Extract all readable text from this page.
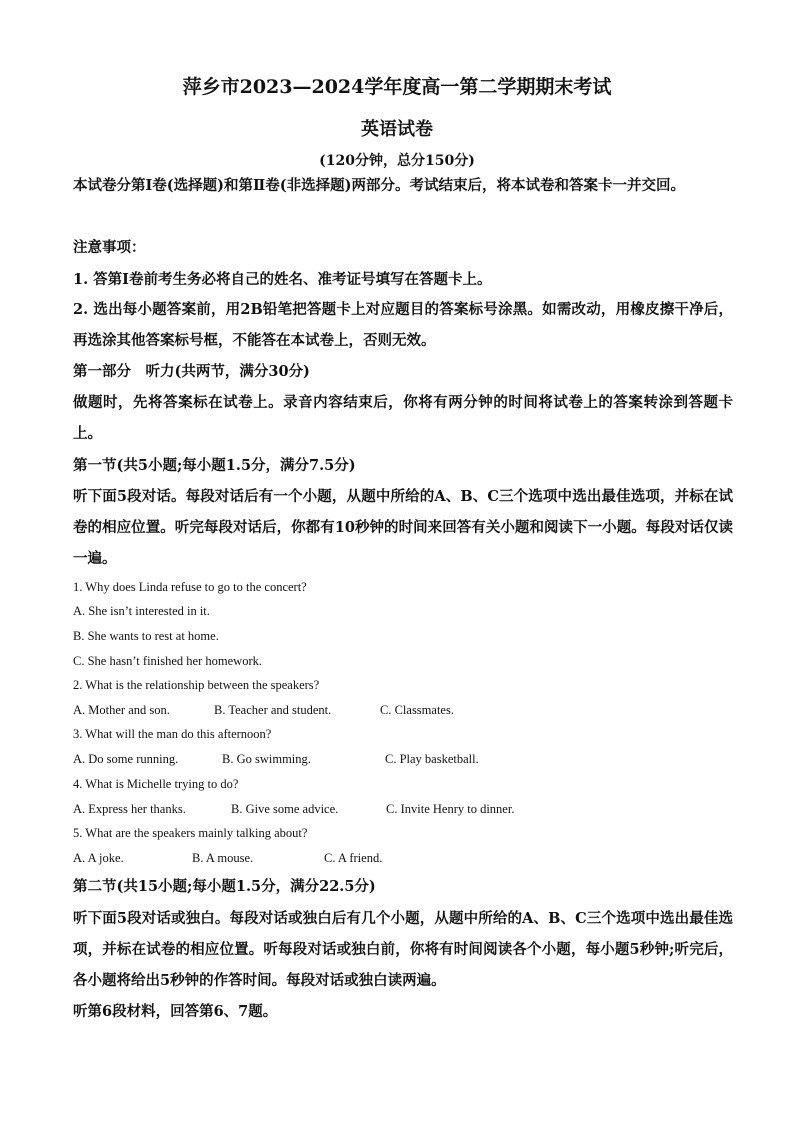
萍乡市2023—2024学年度高一第二学期期末考试
英语试卷
(120分钟，总分150分)
本试卷分第Ⅰ卷(选择题)和第Ⅱ卷(非选择题)两部分。考试结束后，将本试卷和答案卡一并交回。
注意事项：
1. 答第Ⅰ卷前考生务必将自己的姓名、准考证号填写在答题卡上。
2. 选出每小题答案前，用2B铅笔把答题卡上对应题目的答案标号涂黑。如需改动，用橡皮擦干净后，再选涂其他答案标号框，不能答在本试卷上，否则无效。
第一部分　听力(共两节，满分30分)
做题时，先将答案标在试卷上。录音内容结束后，你将有两分钟的时间将试卷上的答案转涂到答题卡上。
第一节(共5小题;每小题1.5分，满分7.5分)
听下面5段对话。每段对话后有一个小题，从题中所给的A、B、C三个选项中选出最佳选项，并标在试卷的相应位置。听完每段对话后，你都有10秒钟的时间来回答有关小题和阅读下一小题。每段对话仅读一遍。
1. Why does Linda refuse to go to the concert?
A. She isn’t interested in it.
B. She wants to rest at home.
C. She hasn’t finished her homework.
2. What is the relationship between the speakers?
A. Mother and son.	B. Teacher and student.	C. Classmates.
3. What will the man do this afternoon?
A. Do some running.	B. Go swimming.	C. Play basketball.
4. What is Michelle trying to do?
A. Express her thanks.	B. Give some advice.	C. Invite Henry to dinner.
5. What are the speakers mainly talking about?
A. A joke.	B. A mouse.	C. A friend.
第二节(共15小题;每小题1.5分，满分22.5分)
听下面5段对话或独白。每段对话或独白后有几个小题，从题中所给的A、B、C三个选项中选出最佳选项，并标在试卷的相应位置。听每段对话或独白前，你将有时间阅读各个小题，每小题5秒钟;听完后，各小题将给出5秒钟的作答时间。每段对话或独白读两遍。
听第6段材料，回答第6、7题。
